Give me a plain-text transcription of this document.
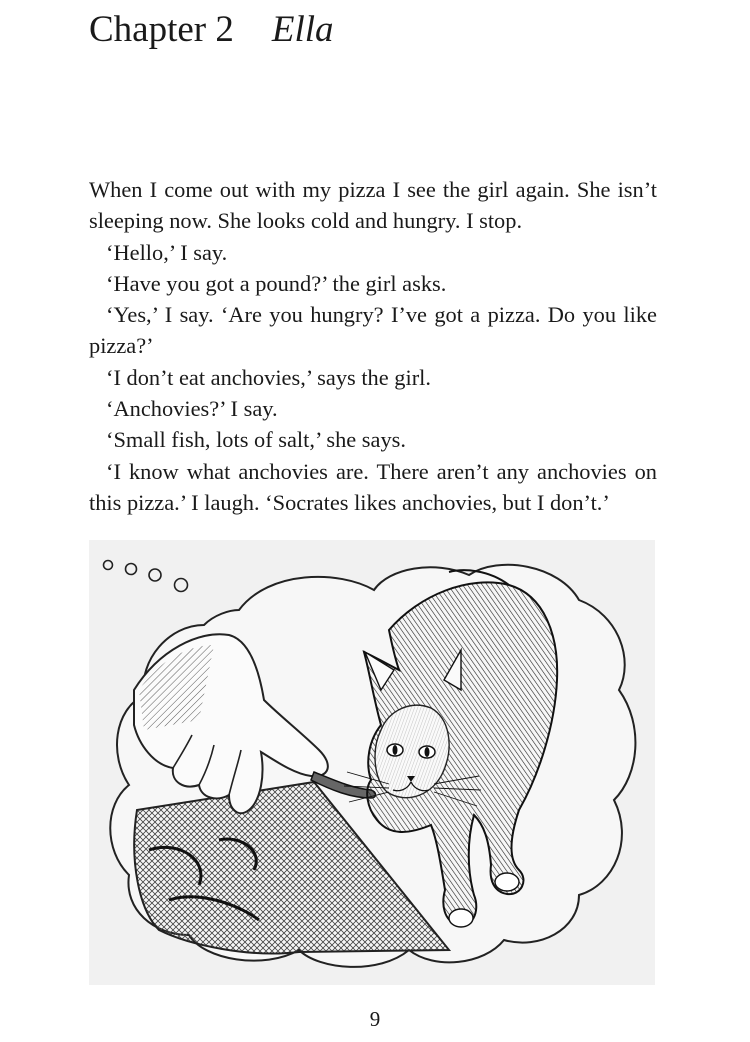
Chapter 2 Ella

When I come out with my pizza I see the girl again. She isn’t sleeping now. She looks cold and hungry. I stop.

‘Hello,’ I say.

‘Have you got a pound?’ the girl asks.

‘Yes,’ I say. ‘Are you hungry? I’ve got a pizza. Do you like pizza?’

‘I don’t eat anchovies,’ says the girl.

‘Anchovies?’ I say.

‘Small fish, lots of salt,’ she says.

‘I know what anchovies are. There aren’t any anchovies on this pizza.’ I laugh. ‘Socrates likes anchovies, but I don’t.’

9
